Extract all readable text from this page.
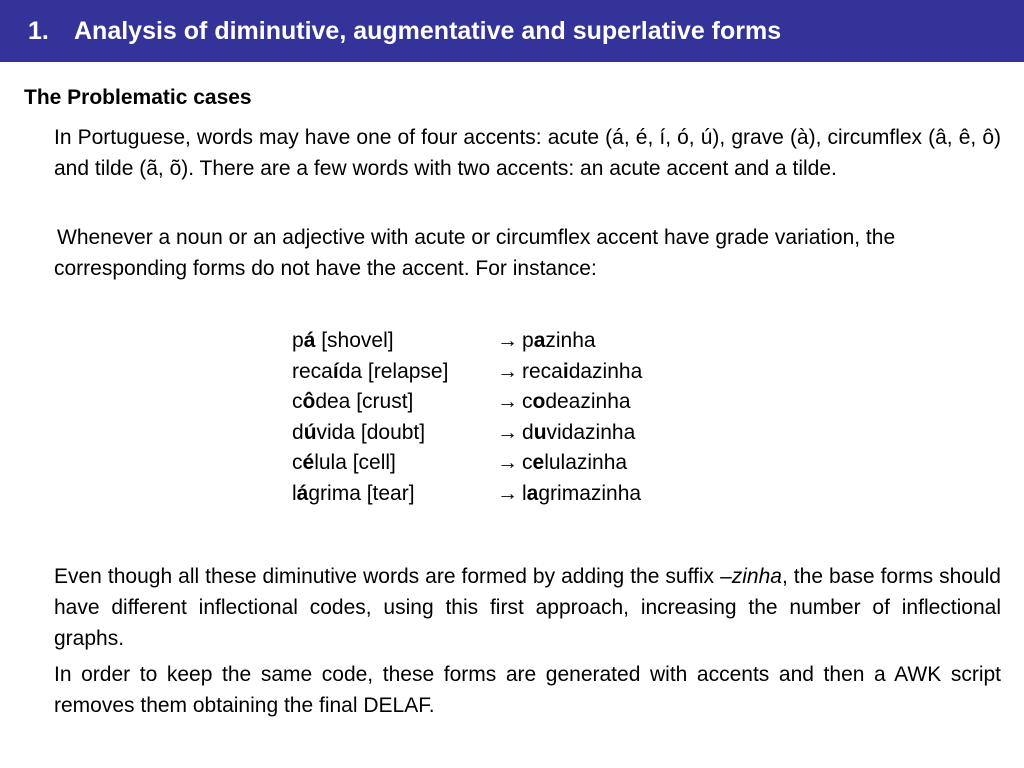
1.	Analysis of diminutive, augmentative and superlative forms
The Problematic cases
In Portuguese, words may have one of four accents: acute (á, é, í, ó, ú), grave (à), circumflex (â, ê, ô) and tilde (ã, õ). There are a few words with two accents: an acute accent and a tilde.
Whenever a noun or an adjective with acute or circumflex accent have grade variation, the corresponding forms do not have the accent. For instance:
pá [shovel]	→ pazinha
recaída [relapse]	→ recaidazinha
côdea [crust]	→ codeazinha
dúvida [doubt]	→ duvidazinha
célula [cell]	→ celulazinha
lágrima [tear]	→ lagrimazinha
Even though all these diminutive words are formed by adding the suffix –zinha, the base forms should have different inflectional codes, using this first approach, increasing the number of inflectional graphs.
In order to keep the same code, these forms are generated with accents and then a AWK script removes them obtaining the final DELAF.
